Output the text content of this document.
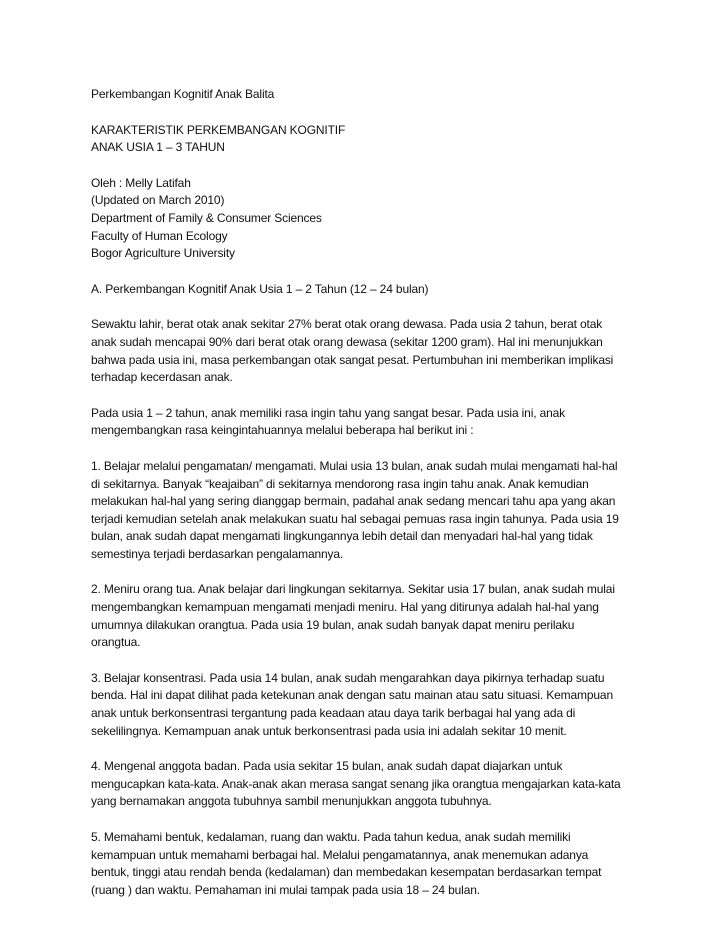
Perkembangan Kognitif Anak Balita
KARAKTERISTIK PERKEMBANGAN KOGNITIF
ANAK USIA 1 – 3 TAHUN
Oleh : Melly Latifah
(Updated on March 2010)
Department of Family & Consumer Sciences
Faculty of Human Ecology
Bogor Agriculture University
A. Perkembangan Kognitif Anak Usia 1 – 2 Tahun (12 – 24 bulan)
Sewaktu lahir, berat otak anak sekitar 27% berat otak orang dewasa. Pada usia 2 tahun, berat otak
anak sudah mencapai 90% dari berat otak orang dewasa (sekitar 1200 gram). Hal ini menunjukkan
bahwa pada usia ini, masa perkembangan otak sangat pesat. Pertumbuhan ini memberikan implikasi
terhadap kecerdasan anak.
Pada usia 1 – 2 tahun, anak memiliki rasa ingin tahu yang sangat besar. Pada usia ini, anak
mengembangkan rasa keingintahuannya melalui beberapa hal berikut ini :
1. Belajar melalui pengamatan/ mengamati. Mulai usia 13 bulan, anak sudah mulai mengamati hal-hal
di sekitarnya. Banyak “keajaiban” di sekitarnya mendorong rasa ingin tahu anak. Anak kemudian
melakukan hal-hal yang sering dianggap bermain, padahal anak sedang mencari tahu apa yang akan
terjadi kemudian setelah anak melakukan suatu hal sebagai pemuas rasa ingin tahunya. Pada usia 19
bulan, anak sudah dapat mengamati lingkungannya lebih detail dan menyadari hal-hal yang tidak
semestinya terjadi berdasarkan pengalamannya.
2. Meniru orang tua. Anak belajar dari lingkungan sekitarnya. Sekitar usia 17 bulan, anak sudah mulai
mengembangkan kemampuan mengamati menjadi meniru. Hal yang ditirunya adalah hal-hal yang
umumnya dilakukan orangtua. Pada usia 19 bulan, anak sudah banyak dapat meniru perilaku
orangtua.
3. Belajar konsentrasi. Pada usia 14 bulan, anak sudah mengarahkan daya pikirnya terhadap suatu
benda. Hal ini dapat dilihat pada ketekunan anak dengan satu mainan atau satu situasi. Kemampuan
anak untuk berkonsentrasi tergantung pada keadaan atau daya tarik berbagai hal yang ada di
sekelilingnya. Kemampuan anak untuk berkonsentrasi pada usia ini adalah sekitar 10 menit.
4. Mengenal anggota badan. Pada usia sekitar 15 bulan, anak sudah dapat diajarkan untuk
mengucapkan kata-kata. Anak-anak akan merasa sangat senang jika orangtua mengajarkan kata-kata
yang bernamakan anggota tubuhnya sambil menunjukkan anggota tubuhnya.
5. Memahami bentuk, kedalaman, ruang dan waktu. Pada tahun kedua, anak sudah memiliki
kemampuan untuk memahami berbagai hal. Melalui pengamatannya, anak menemukan adanya
bentuk, tinggi atau rendah benda (kedalaman) dan membedakan kesempatan berdasarkan tempat
(ruang ) dan waktu. Pemahaman ini mulai tampak pada usia 18 – 24 bulan.
